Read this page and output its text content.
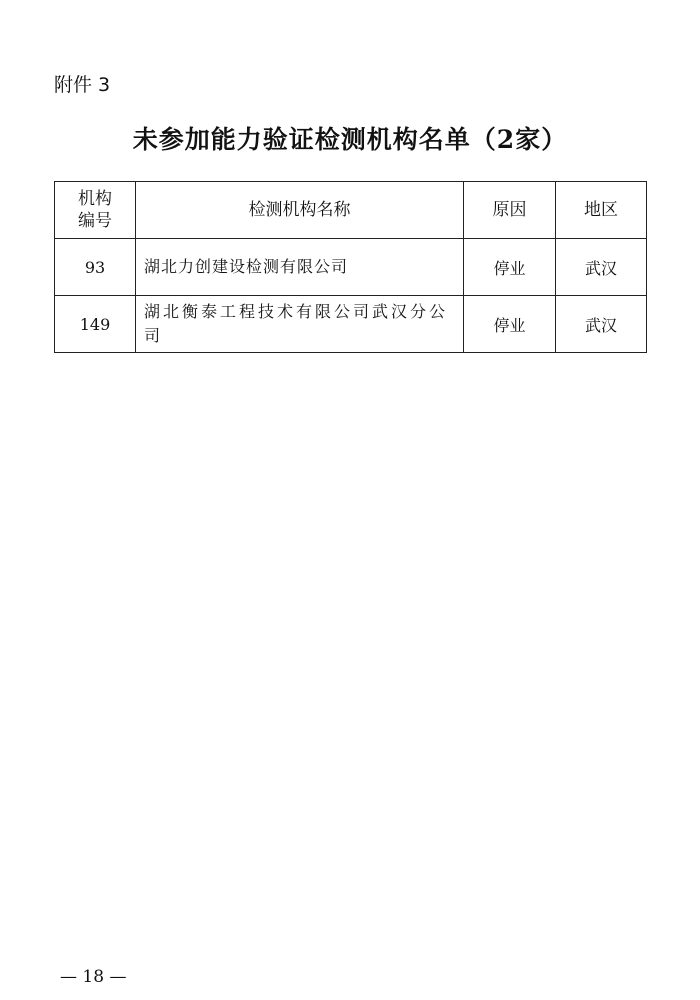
附件 3
未参加能力验证检测机构名单（2家）
机构
编号	检测机构名称	原因	地区
93	湖北力创建设检测有限公司	停业	武汉
149	湖北衡泰工程技术有限公司武汉分公司	停业	武汉
— 18 —
